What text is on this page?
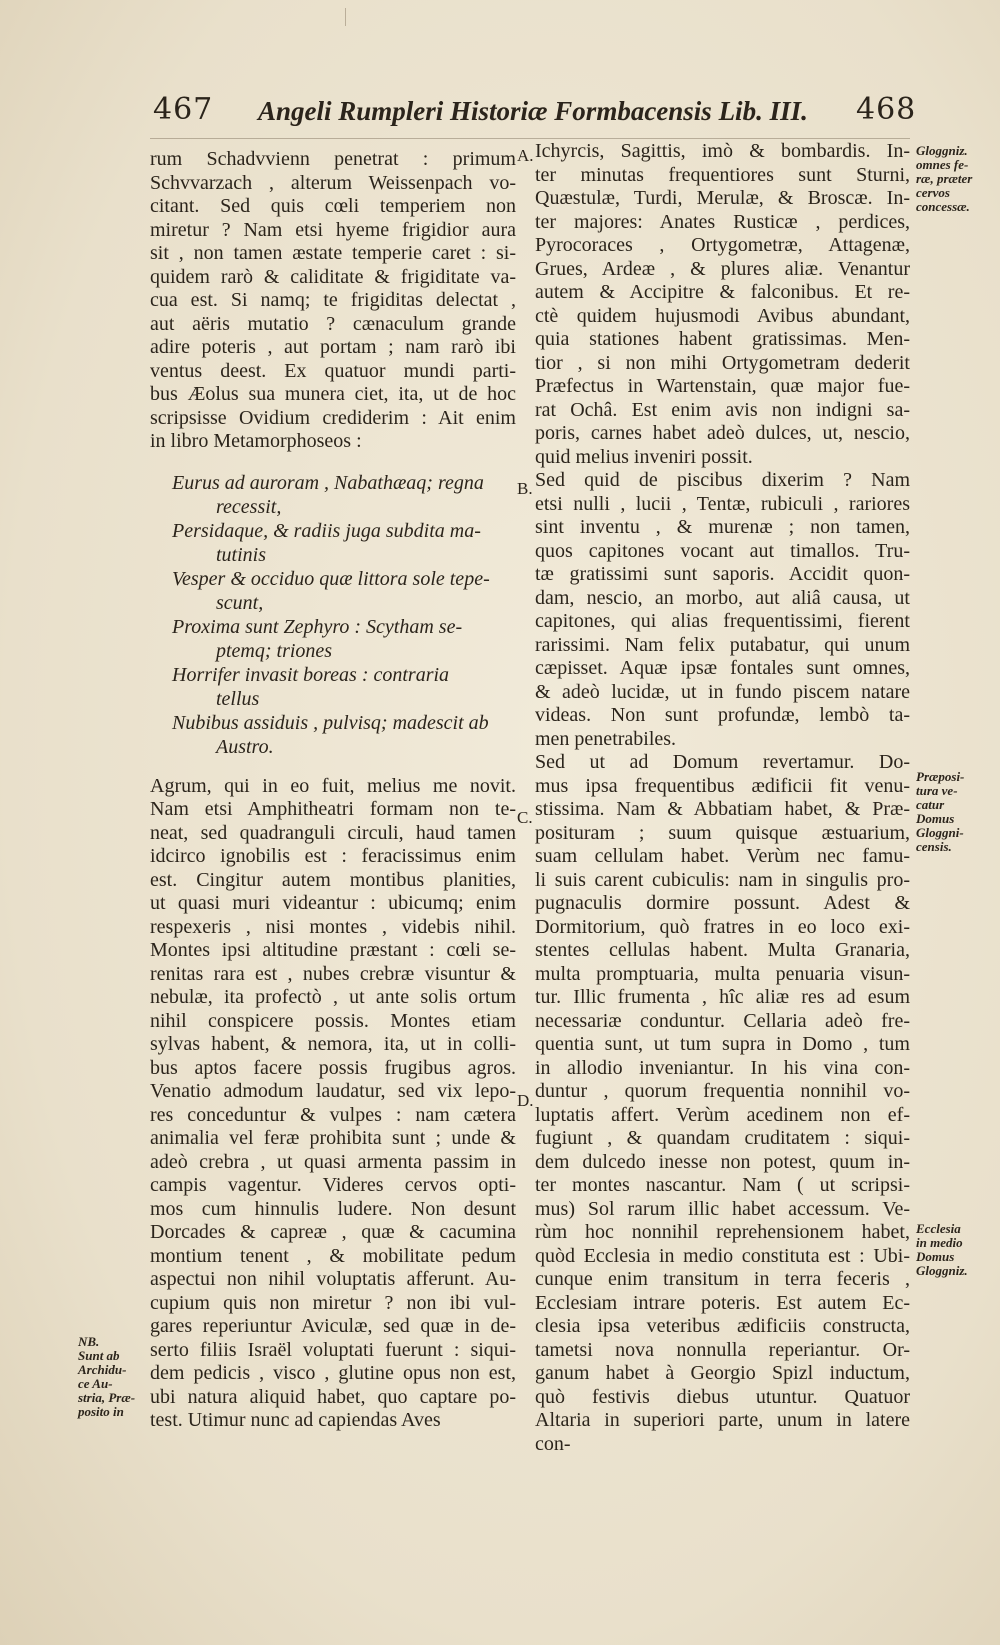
467 Angeli Rumpleri Historiæ Formbacensis Lib. III.	468
rum Schadvvienn penetrat : primum
Schvvarzach , alterum Weissenpach vo-
citant. Sed quis cœli temperiem non
miretur ? Nam etsi hyeme frigidior aura
sit , non tamen æstate temperie caret : si-
quidem rarò & caliditate & frigiditate va-
cua est. Si namq; te frigiditas delectat ,
aut aëris mutatio ? cænaculum grande
adire poteris , aut portam ; nam rarò ibi
ventus deest. Ex quatuor mundi parti-
bus Æolus sua munera ciet, ita, ut de hoc
scripsisse Ovidium crediderim : Ait enim
in libro Metamorphoseos :
Eurus ad auroram , Nabathæaq; regna
recessit,
Persidaque, & radiis juga subdita ma-
tutinis
Vesper & occiduo quæ littora sole tepe-
scunt,
Proxima sunt Zephyro : Scytham se-
ptemq; triones
Horrifer invasit boreas : contraria
tellus
Nubibus assiduis , pulvisq; madescit ab
Austro.
Agrum, qui in eo fuit, melius me novit.
Nam etsi Amphitheatri formam non te-
neat, sed quadranguli circuli, haud tamen
idcirco ignobilis est : feracissimus enim
est. Cingitur autem montibus planities,
ut quasi muri videantur : ubicumq; enim
respexeris , nisi montes , videbis nihil.
Montes ipsi altitudine præstant : cœli se-
renitas rara est , nubes crebræ visuntur &
nebulæ, ita profectò , ut ante solis ortum
nihil conspicere possis. Montes etiam
sylvas habent, & nemora, ita, ut in colli-
bus aptos facere possis frugibus agros.
Venatio admodum laudatur, sed vix lepo-
res conceduntur & vulpes : nam cætera
animalia vel feræ prohibita sunt ; unde &
adeò crebra , ut quasi armenta passim in
campis vagentur. Videres cervos opti-
mos cum hinnulis ludere. Non desunt
Dorcades & capreæ , quæ & cacumina
montium tenent , & mobilitate pedum
aspectui non nihil voluptatis afferunt. Au-
cupium quis non miretur ? non ibi vul-
gares reperiuntur Aviculæ, sed quæ in de-
serto filiis Israël voluptati fuerunt : siqui-
dem pedicis , visco , glutine opus non est,
ubi natura aliquid habet, quo captare po-
test. Utimur nunc ad capiendas Aves
Ichyrcis, Sagittis, imò & bombardis. In-
ter minutas frequentiores sunt Sturni,
Quæstulæ, Turdi, Merulæ, & Broscæ. In-
ter majores: Anates Rusticæ , perdices,
Pyrocoraces , Ortygometræ, Attagenæ,
Grues, Ardeæ , & plures aliæ. Venantur
autem & Accipitre & falconibus. Et re-
ctè quidem hujusmodi Avibus abundant,
quia stationes habent gratissimas. Men-
tior , si non mihi Ortygometram dederit
Præfectus in Wartenstain, quæ major fue-
rat Ochâ. Est enim avis non indigni sa-
poris, carnes habet adeò dulces, ut, nescio,
quid melius inveniri possit.
Sed quid de piscibus dixerim ? Nam
etsi nulli , lucii , Tentæ, rubiculi , rariores
sint inventu , & murenæ ; non tamen,
quos capitones vocant aut timallos. Tru-
tæ gratissimi sunt saporis. Accidit quon-
dam, nescio, an morbo, aut aliâ causa, ut
capitones, qui alias frequentissimi, fierent
rarissimi. Nam felix putabatur, qui unum
cæpisset. Aquæ ipsæ fontales sunt omnes,
& adeò lucidæ, ut in fundo piscem natare
videas. Non sunt profundæ, lembò ta-
men penetrabiles.
Sed ut ad Domum revertamur. Do-
mus ipsa frequentibus ædificii fit venu-
stissima. Nam & Abbatiam habet, & Præ-
posituram ; suum quisque æstuarium,
suam cellulam habet. Verùm nec famu-
li suis carent cubiculis: nam in singulis pro-
pugnaculis dormire possunt. Adest &
Dormitorium, quò fratres in eo loco exi-
stentes cellulas habent. Multa Granaria,
multa promptuaria, multa penuaria visun-
tur. Illic frumenta , hîc aliæ res ad esum
necessariæ conduntur. Cellaria adeò fre-
quentia sunt, ut tum supra in Domo , tum
in allodio inveniantur. In his vina con-
duntur , quorum frequentia nonnihil vo-
luptatis affert. Verùm acedinem non ef-
fugiunt , & quandam cruditatem : siqui-
dem dulcedo inesse non potest, quum in-
ter montes nascantur. Nam ( ut scripsi-
mus) Sol rarum illic habet accessum. Ve-
rùm hoc nonnihil reprehensionem habet,
quòd Ecclesia in medio constituta est : Ubi-
cunque enim transitum in terra feceris ,
Ecclesiam intrare poteris. Est autem Ec-
clesia ipsa veteribus ædificiis constructa,
tametsi nova nonnulla reperiantur. Or-
ganum habet à Georgio Spizl inductum,
quò festivis diebus utuntur. Quatuor
Altaria in superiori parte, unum in latere
con-
A.
B.
C.
D.
Gloggniz.
omnes fe-
ræ, præter
cervos
concessæ.
Præposi-
tura ve-
catur
Domus
Gloggni-
censis.
Ecclesia
in medio
Domus
Gloggniz.
NB.
Sunt ab
Archidu-
ce Au-
stria, Præ-
posito in
